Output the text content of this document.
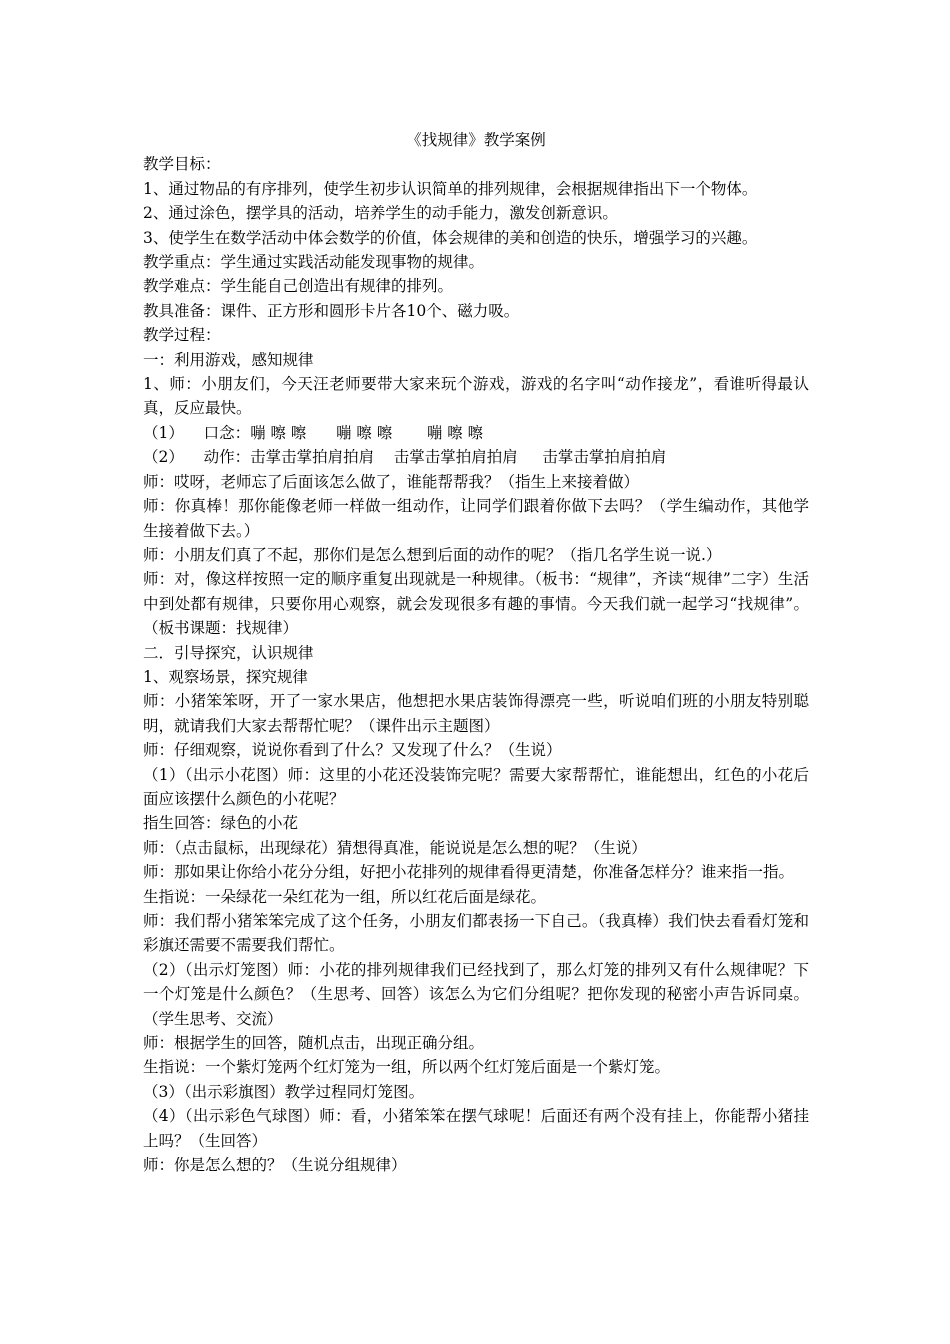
《找规律》教学案例

教学目标：

1、通过物品的有序排列，使学生初步认识简单的排列规律，会根据规律指出下一个物体。

2、通过涂色，摆学具的活动，培养学生的动手能力，激发创新意识。

3、使学生在数学活动中体会数学的价值，体会规律的美和创造的快乐，增强学习的兴趣。

教学重点：学生通过实践活动能发现事物的规律。

教学难点：学生能自己创造出有规律的排列。

教具准备：课件、正方形和圆形卡片各10个、磁力吸。

教学过程：

一：利用游戏，感知规律

1、师：小朋友们，今天汪老师要带大家来玩个游戏，游戏的名字叫“动作接龙”，看谁听得最认真，反应最快。

（1）    口念：嘣 嚓 嚓      嘣 嚓 嚓       嘣 嚓 嚓

（2）    动作：击掌击掌拍肩拍肩    击掌击掌拍肩拍肩     击掌击掌拍肩拍肩

师：哎呀，老师忘了后面该怎么做了，谁能帮帮我？（指生上来接着做）

师：你真棒！那你能像老师一样做一组动作，让同学们跟着你做下去吗？（学生编动作，其他学生接着做下去。）

师：小朋友们真了不起，那你们是怎么想到后面的动作的呢？（指几名学生说一说.）

师：对，像这样按照一定的顺序重复出现就是一种规律。（板书：“规律”，齐读“规律”二字）生活中到处都有规律，只要你用心观察，就会发现很多有趣的事情。今天我们就一起学习“找规律”。（板书课题：找规律）

二．引导探究，认识规律

1、观察场景，探究规律

师：小猪笨笨呀，开了一家水果店，他想把水果店装饰得漂亮一些，听说咱们班的小朋友特别聪明，就请我们大家去帮帮忙呢？（课件出示主题图）

师：仔细观察，说说你看到了什么？又发现了什么？（生说）

（1）（出示小花图）师：这里的小花还没装饰完呢？需要大家帮帮忙，谁能想出，红色的小花后面应该摆什么颜色的小花呢？

指生回答：绿色的小花

师：（点击鼠标，出现绿花）猜想得真准，能说说是怎么想的呢？（生说）

师：那如果让你给小花分分组，好把小花排列的规律看得更清楚，你准备怎样分？谁来指一指。

生指说：一朵绿花一朵红花为一组，所以红花后面是绿花。

师：我们帮小猪笨笨完成了这个任务，小朋友们都表扬一下自己。（我真棒）我们快去看看灯笼和彩旗还需要不需要我们帮忙。

（2）（出示灯笼图）师：小花的排列规律我们已经找到了，那么灯笼的排列又有什么规律呢？下一个灯笼是什么颜色？（生思考、回答）该怎么为它们分组呢？把你发现的秘密小声告诉同桌。（学生思考、交流）

师：根据学生的回答，随机点击，出现正确分组。

生指说：一个紫灯笼两个红灯笼为一组，所以两个红灯笼后面是一个紫灯笼。

（3）（出示彩旗图）教学过程同灯笼图。

（4）（出示彩色气球图）师：看，小猪笨笨在摆气球呢！后面还有两个没有挂上，你能帮小猪挂上吗？（生回答）

师：你是怎么想的？（生说分组规律）
